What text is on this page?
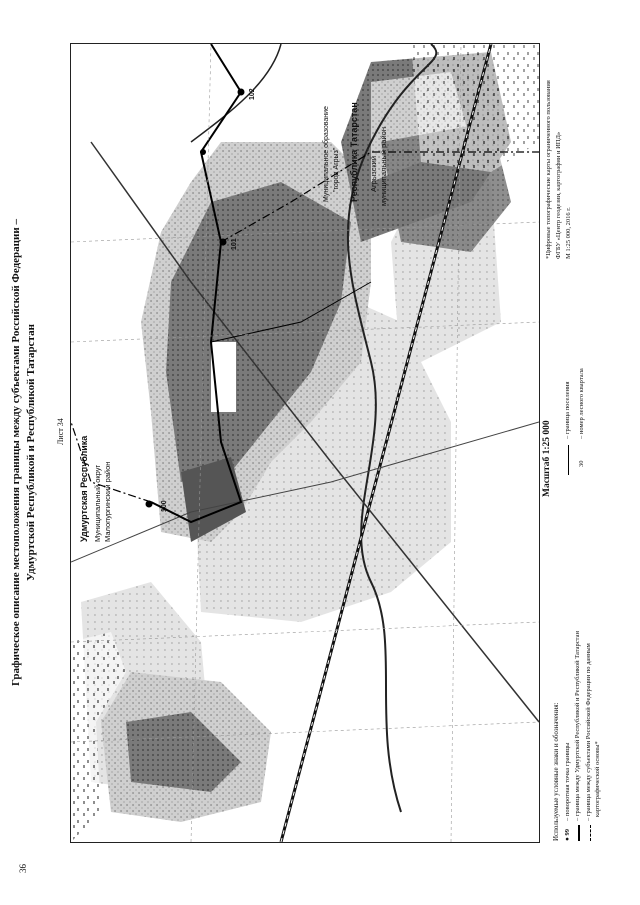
36
Графическое описание местоположения границы между субъектами Российской Федерации – Удмуртской Республикой и Республикой Татарстан Лист 34
100
101
102
Удмуртская Республика Муниципальный округ Малопургинский район
Муниципальное образование "город Агрыз" Республика Татарстан Агрызский муниципальный район
Масштаб 1:25 000
Используемые условные знаки и обозначения: ● 99
– поворотная точка границы – граница между Удмуртской Республикой и Республикой Татарстан – граница между субъектами Российской Федерации по данным картографической основы*
– граница поселения
30
– номер лесного квартала
*Цифровые топографические карты ограниченного пользования ФГБУ «Центр геодезии, картографии и ИПД» М 1:25 000, 2016 г.
